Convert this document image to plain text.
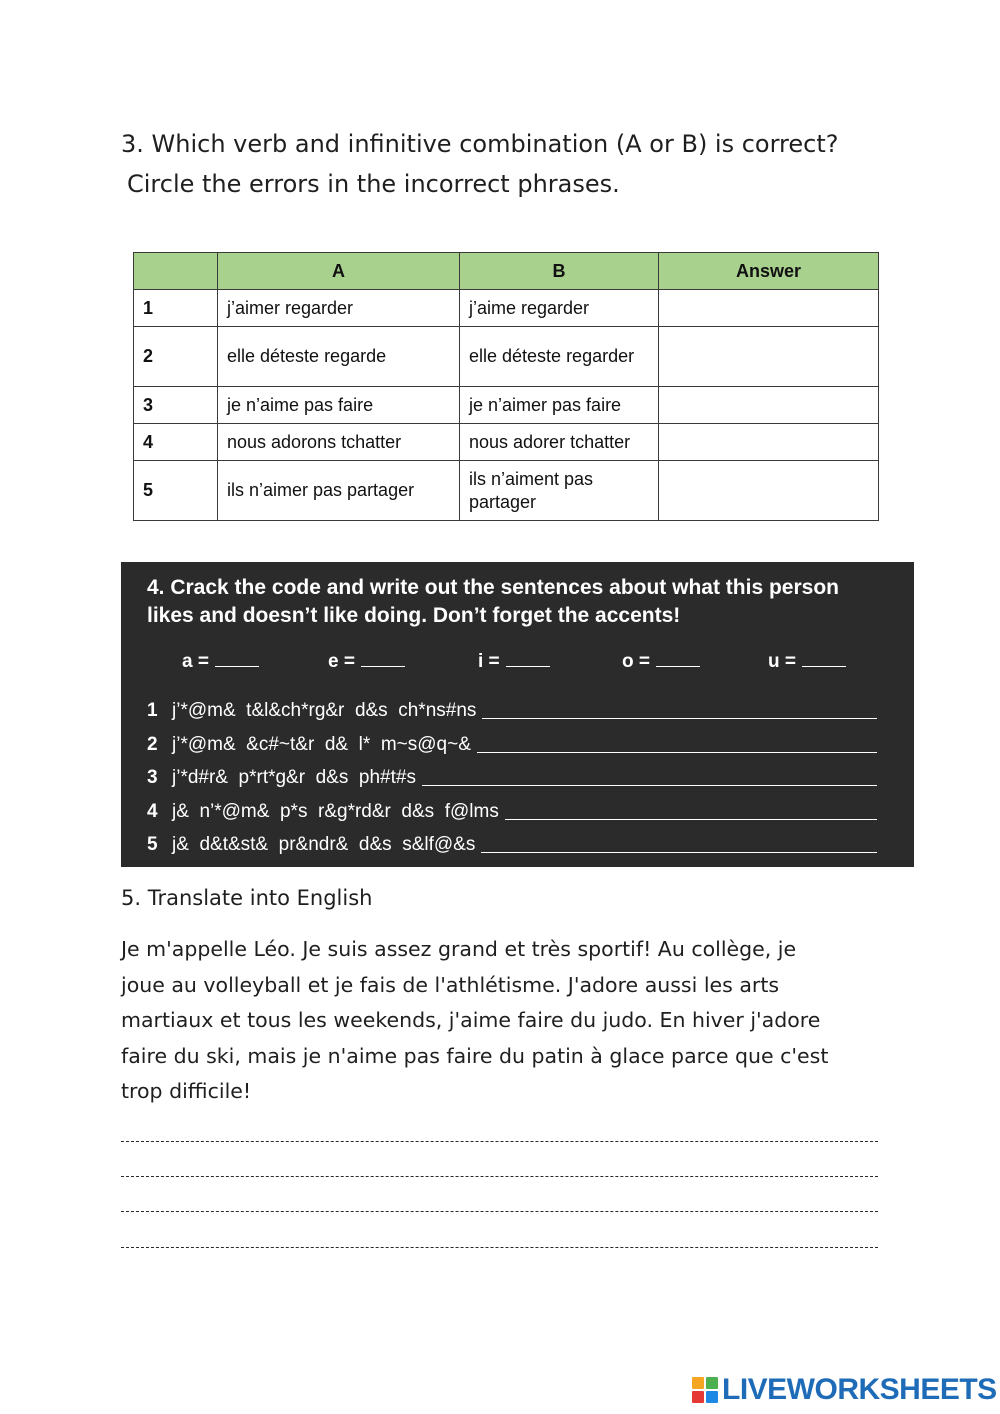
3. Which verb and infinitive combination (A or B) is correct?
Circle the errors in the incorrect phrases.
	A	B	Answer
1	j’aimer regarder	j’aime regarder	
2	elle déteste regarde	elle déteste regarder	
3	je n’aime pas faire	je n’aimer pas faire	
4	nous adorons tchatter	nous adorer tchatter	
5	ils n’aimer pas partager	ils n’aiment pas partager	
4. Crack the code and write out the sentences about what this person
likes and doesn’t like doing. Don’t forget the accents!
a =	e =	i =	o =	u =
1 j’*@m&  t&l&ch*rg&r  d&s  ch*ns#ns
2 j’*@m&  &c#~t&r  d&  l*  m~s@q~&
3 j’*d#r&  p*rt*g&r  d&s  ph#t#s
4 j&  n’*@m&  p*s  r&g*rd&r  d&s  f@lms
5 j&  d&t&st&  pr&ndr&  d&s  s&lf@&s
5. Translate into English
Je m'appelle Léo. Je suis assez grand et très sportif! Au collège, je
joue au volleyball et je fais de l'athlétisme. J'adore aussi les arts
martiaux et tous les weekends, j'aime faire du judo. En hiver j'adore
faire du ski, mais je n'aime pas faire du patin à glace parce que c'est
trop difficile!
LIVEWORKSHEETS
